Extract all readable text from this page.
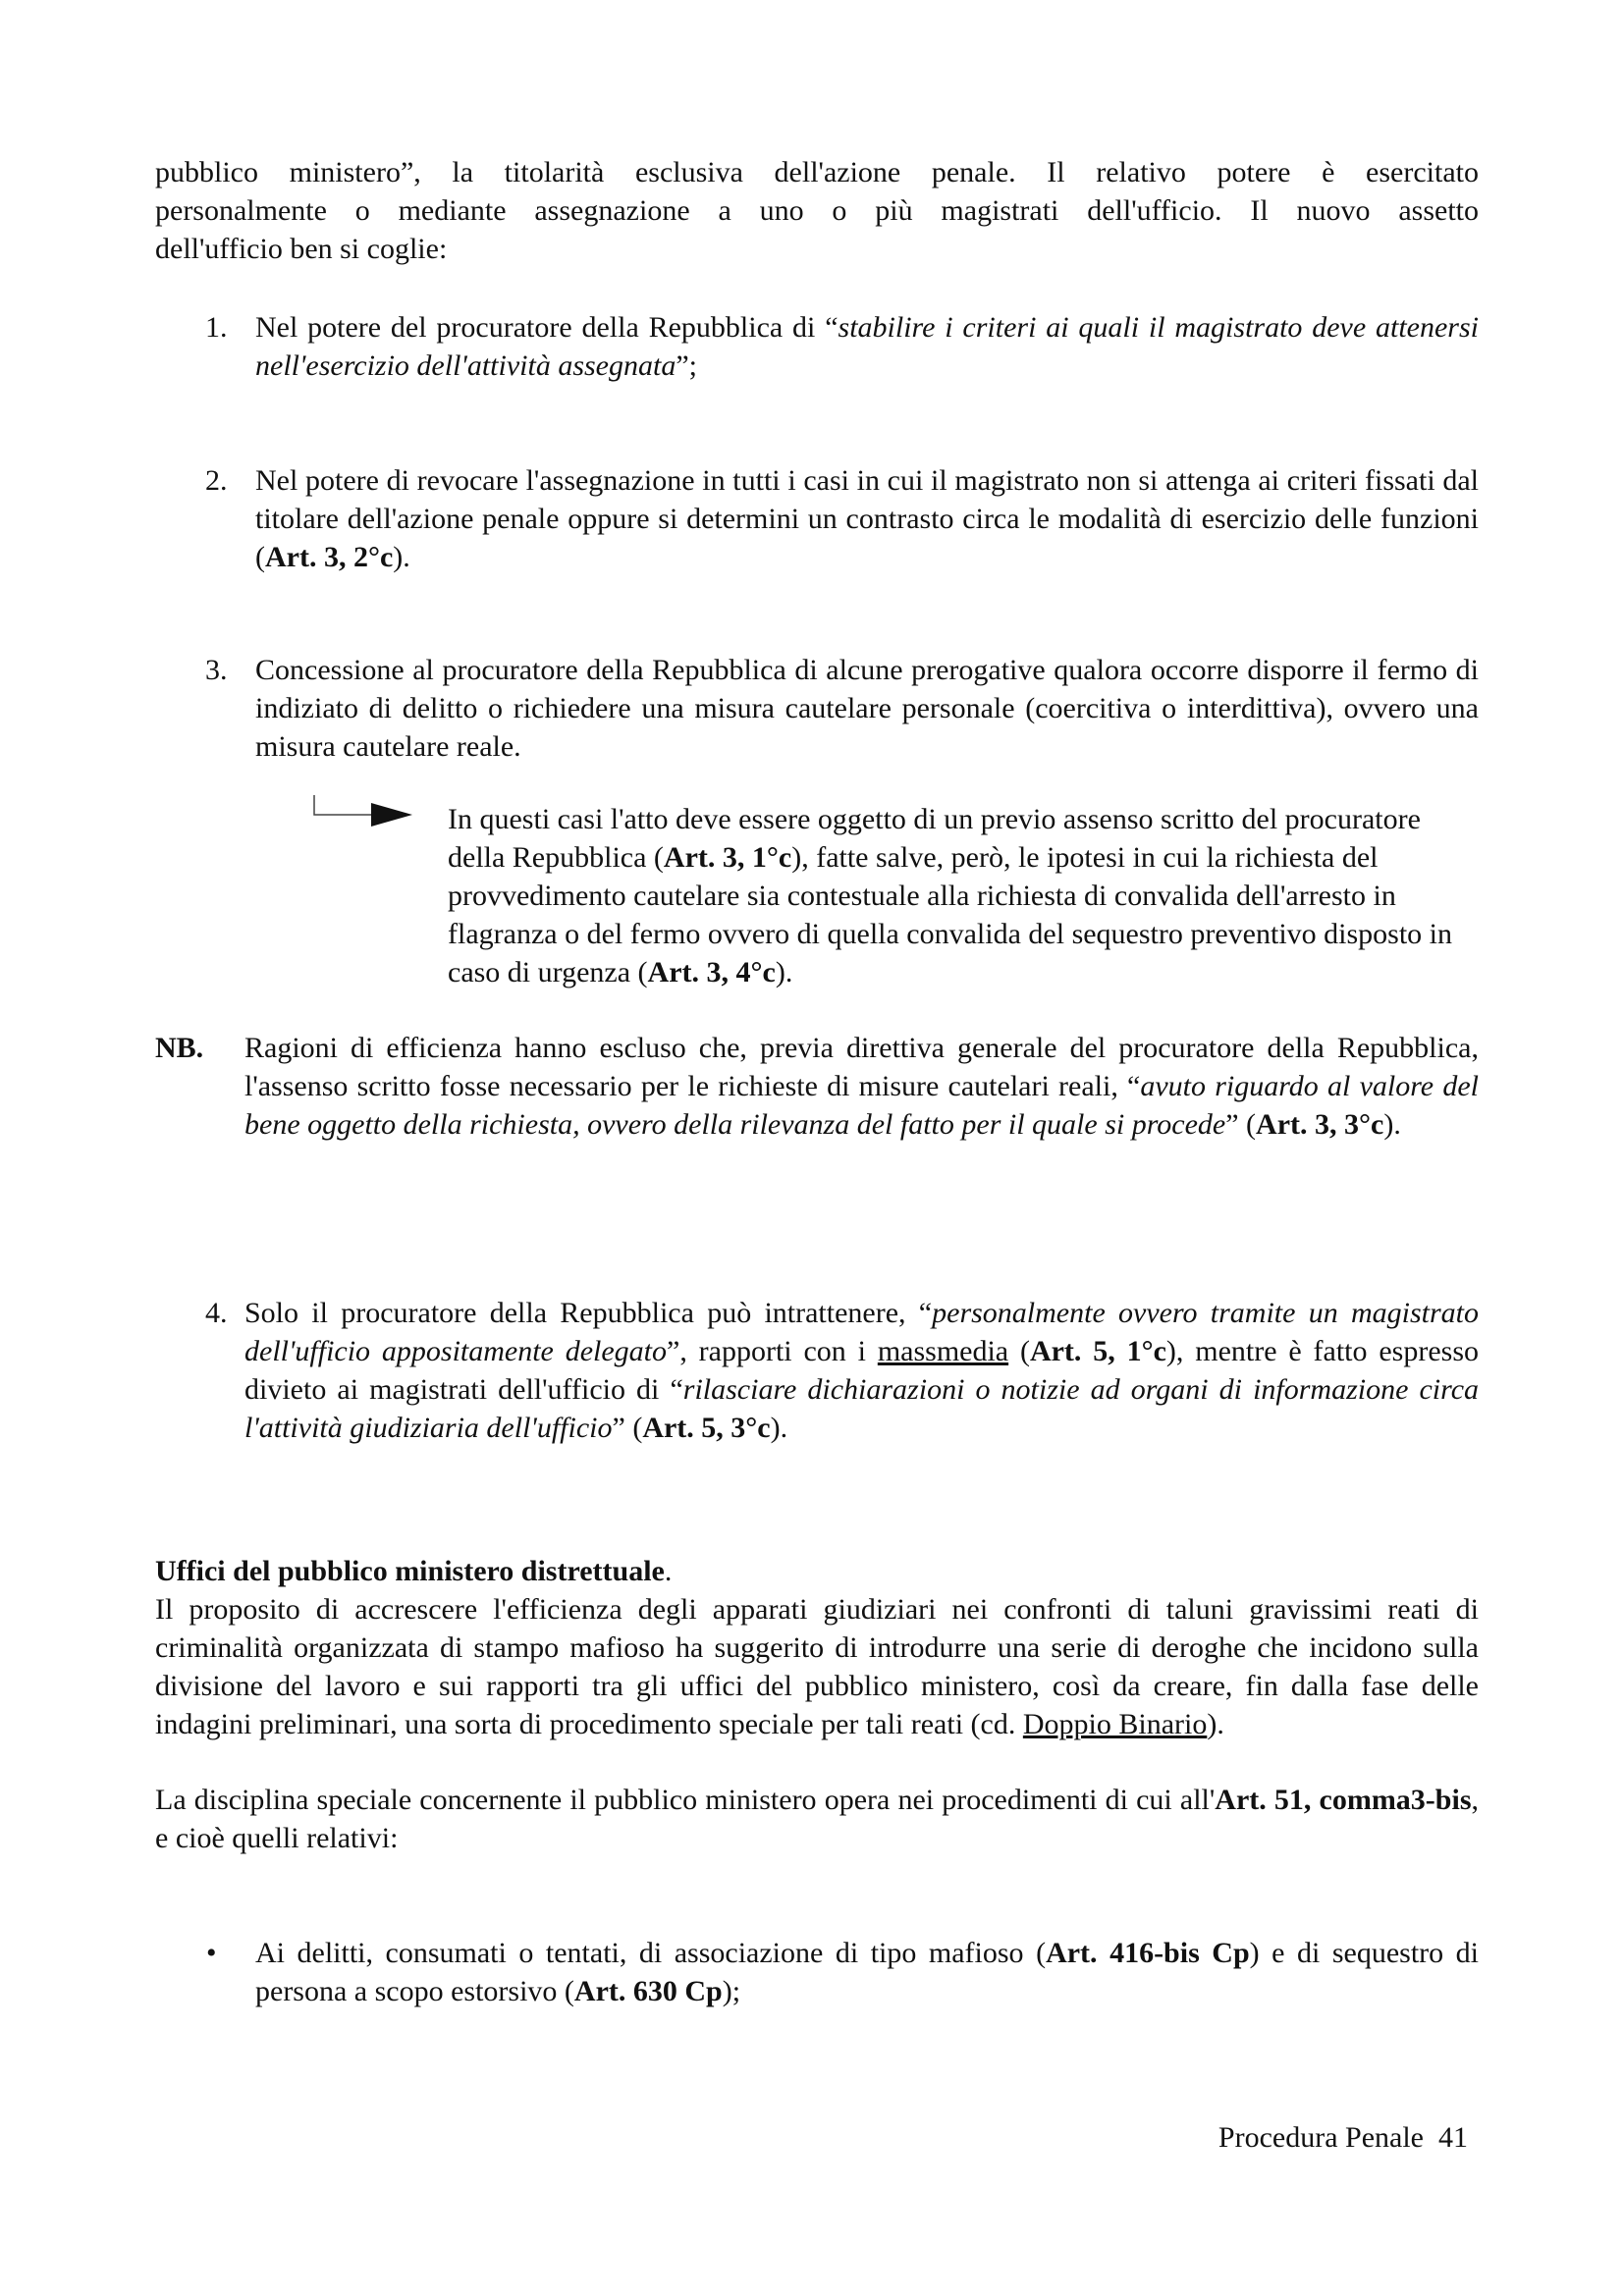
pubblico ministero”, la titolarità esclusiva dell'azione penale. Il relativo potere è esercitato
personalmente o mediante assegnazione a uno o più magistrati dell'ufficio. Il nuovo assetto
dell'ufficio ben si coglie:
1. Nel potere del procuratore della Repubblica di “stabilire i criteri ai quali il magistrato deve attenersi nell'esercizio dell'attività assegnata”;
2. Nel potere di revocare l'assegnazione in tutti i casi in cui il magistrato non si attenga ai criteri fissati dal titolare dell'azione penale oppure si determini un contrasto circa le modalità di esercizio delle funzioni (Art. 3, 2°c).
3. Concessione al procuratore della Repubblica di alcune prerogative qualora occorre disporre il fermo di indiziato di delitto o richiedere una misura cautelare personale (coercitiva o interdittiva), ovvero una misura cautelare reale.
In questi casi l'atto deve essere oggetto di un previo assenso scritto del procuratore della Repubblica (Art. 3, 1°c), fatte salve, però, le ipotesi in cui la richiesta del provvedimento cautelare sia contestuale alla richiesta di convalida dell'arresto in flagranza o del fermo ovvero di quella convalida del sequestro preventivo disposto in caso di urgenza (Art. 3, 4°c).
NB. Ragioni di efficienza hanno escluso che, previa direttiva generale del procuratore della Repubblica, l'assenso scritto fosse necessario per le richieste di misure cautelari reali, “avuto riguardo al valore del bene oggetto della richiesta, ovvero della rilevanza del fatto per il quale si procede” (Art. 3, 3°c).
4. Solo il procuratore della Repubblica può intrattenere, “personalmente ovvero tramite un magistrato dell'ufficio appositamente delegato”, rapporti con i massmedia (Art. 5, 1°c), mentre è fatto espresso divieto ai magistrati dell'ufficio di “rilasciare dichiarazioni o notizie ad organi di informazione circa l'attività giudiziaria dell'ufficio” (Art. 5, 3°c).

Uffici del pubblico ministero distrettuale.

Il proposito di accrescere l'efficienza degli apparati giudiziari nei confronti di taluni gravissimi reati di criminalità organizzata di stampo mafioso ha suggerito di introdurre una serie di deroghe che incidono sulla divisione del lavoro e sui rapporti tra gli uffici del pubblico ministero, così da creare, fin dalla fase delle indagini preliminari, una sorta di procedimento speciale per tali reati (cd. Doppio Binario).

La disciplina speciale concernente il pubblico ministero opera nei procedimenti di cui all'Art. 51, comma3-bis, e cioè quelli relativi:

• Ai delitti, consumati o tentati, di associazione di tipo mafioso (Art. 416-bis Cp) e di sequestro di persona a scopo estorsivo (Art. 630 Cp);
Procedura Penale 41
